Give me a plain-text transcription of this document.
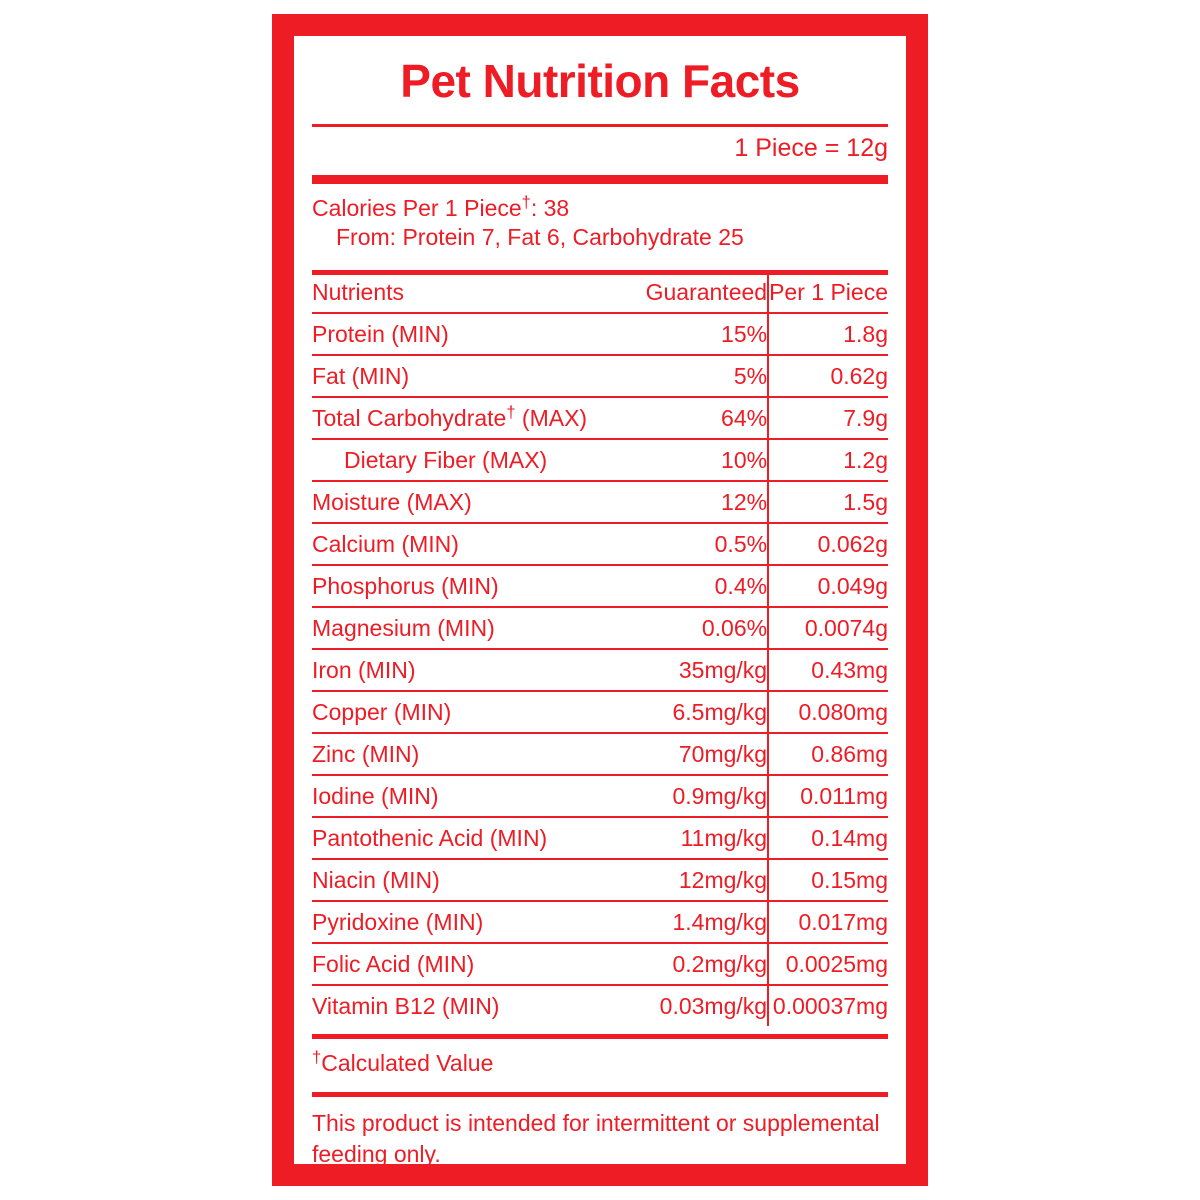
Pet Nutrition Facts
1 Piece = 12g
Calories Per 1 Piece†: 38
From: Protein 7, Fat 6, Carbohydrate 25
Nutrients	Guaranteed	Per 1 Piece
Protein (MIN)	15%	1.8g
Fat (MIN)	5%	0.62g
Total Carbohydrate† (MAX)	64%	7.9g
Dietary Fiber (MAX)	10%	1.2g
Moisture (MAX)	12%	1.5g
Calcium (MIN)	0.5%	0.062g
Phosphorus (MIN)	0.4%	0.049g
Magnesium (MIN)	0.06%	0.0074g
Iron (MIN)	35mg/kg	0.43mg
Copper (MIN)	6.5mg/kg	0.080mg
Zinc (MIN)	70mg/kg	0.86mg
Iodine (MIN)	0.9mg/kg	0.011mg
Pantothenic Acid (MIN)	11mg/kg	0.14mg
Niacin (MIN)	12mg/kg	0.15mg
Pyridoxine (MIN)	1.4mg/kg	0.017mg
Folic Acid (MIN)	0.2mg/kg	0.0025mg
Vitamin B12 (MIN)	0.03mg/kg	0.00037mg
†Calculated Value
This product is intended for intermittent or supplemental feeding only.
